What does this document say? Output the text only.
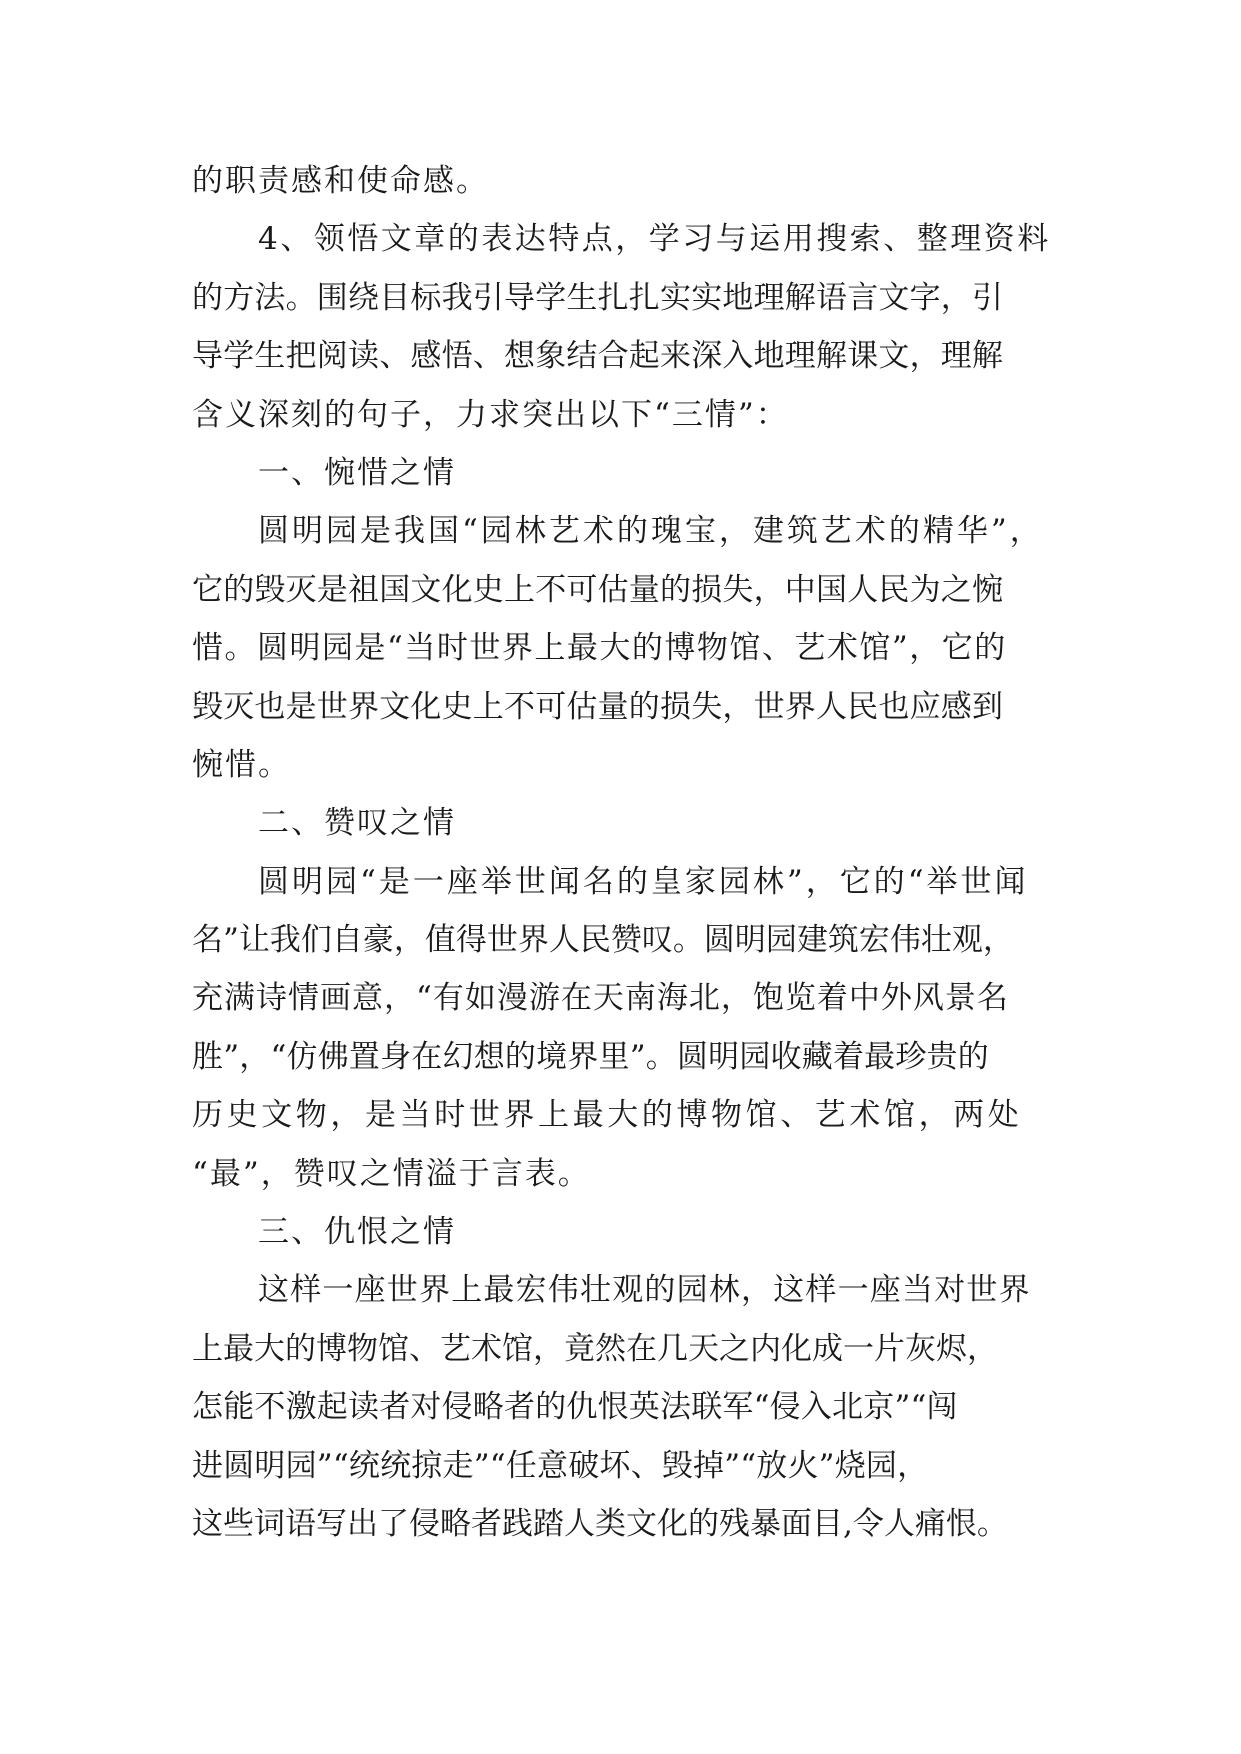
的职责感和使命感。
4、领悟文章的表达特点，学习与运用搜索、整理资料
的方法。围绕目标我引导学生扎扎实实地理解语言文字，引
导学生把阅读、感悟、想象结合起来深入地理解课文，理解
含义深刻的句子，力求突出以下“三情”：
一、惋惜之情
圆明园是我国“园林艺术的瑰宝，建筑艺术的精华”，
它的毁灭是祖国文化史上不可估量的损失，中国人民为之惋
惜。圆明园是“当时世界上最大的博物馆、艺术馆”，它的
毁灭也是世界文化史上不可估量的损失，世界人民也应感到
惋惜。
二、赞叹之情
圆明园“是一座举世闻名的皇家园林”，它的“举世闻
名”让我们自豪，值得世界人民赞叹。圆明园建筑宏伟壮观，
充满诗情画意，“有如漫游在天南海北，饱览着中外风景名
胜”，“仿佛置身在幻想的境界里”。圆明园收藏着最珍贵的
历史文物，是当时世界上最大的博物馆、艺术馆，两处
“最”，赞叹之情溢于言表。
三、仇恨之情
这样一座世界上最宏伟壮观的园林，这样一座当对世界
上最大的博物馆、艺术馆，竟然在几天之内化成一片灰烬，
怎能不激起读者对侵略者的仇恨英法联军“侵入北京”“闯
进圆明园”“统统掠走”“任意破坏、毁掉”“放火”烧园，
这些词语写出了侵略者践踏人类文化的残暴面目,令人痛恨。
